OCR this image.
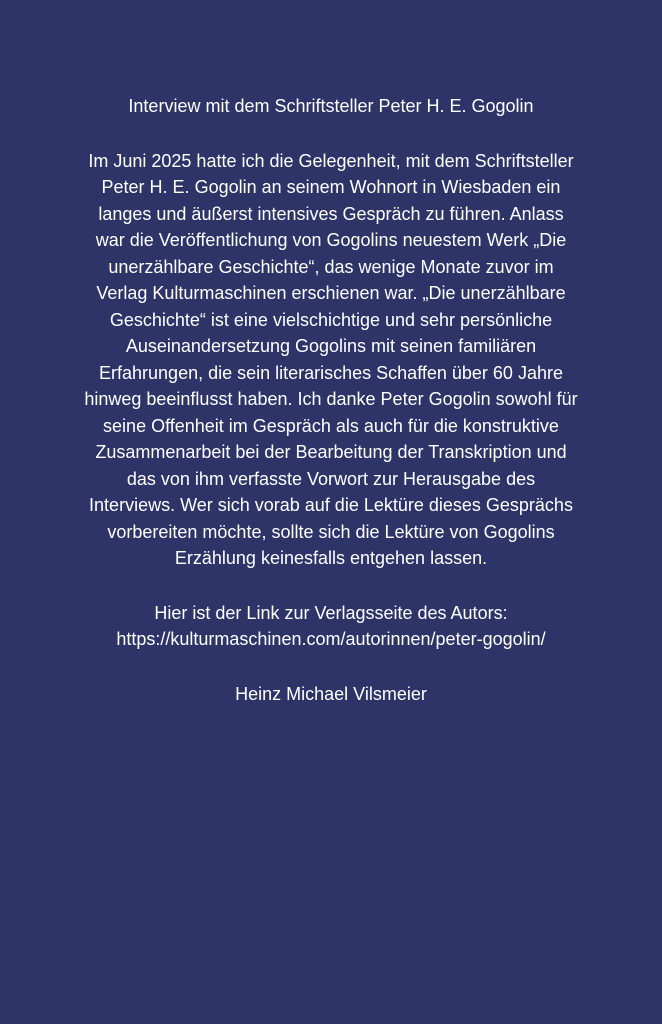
Interview mit dem Schriftsteller Peter H. E. Gogolin
Im Juni 2025 hatte ich die Gelegenheit, mit dem Schriftsteller
Peter H. E. Gogolin an seinem Wohnort in Wiesbaden ein
langes und äußerst intensives Gespräch zu führen. Anlass
war die Veröffentlichung von Gogolins neuestem Werk „Die
unerzählbare Geschichte“, das wenige Monate zuvor im
Verlag Kulturmaschinen erschienen war. „Die unerzählbare
Geschichte“ ist eine vielschichtige und sehr persönliche
Auseinandersetzung Gogolins mit seinen familiären
Erfahrungen, die sein literarisches Schaffen über 60 Jahre
hinweg beeinflusst haben. Ich danke Peter Gogolin sowohl für
seine Offenheit im Gespräch als auch für die konstruktive
Zusammenarbeit bei der Bearbeitung der Transkription und
das von ihm verfasste Vorwort zur Herausgabe des
Interviews. Wer sich vorab auf die Lektüre dieses Gesprächs
vorbereiten möchte, sollte sich die Lektüre von Gogolins
Erzählung keinesfalls entgehen lassen.
Hier ist der Link zur Verlagsseite des Autors:
https://kulturmaschinen.com/autorinnen/peter-gogolin/
Heinz Michael Vilsmeier
